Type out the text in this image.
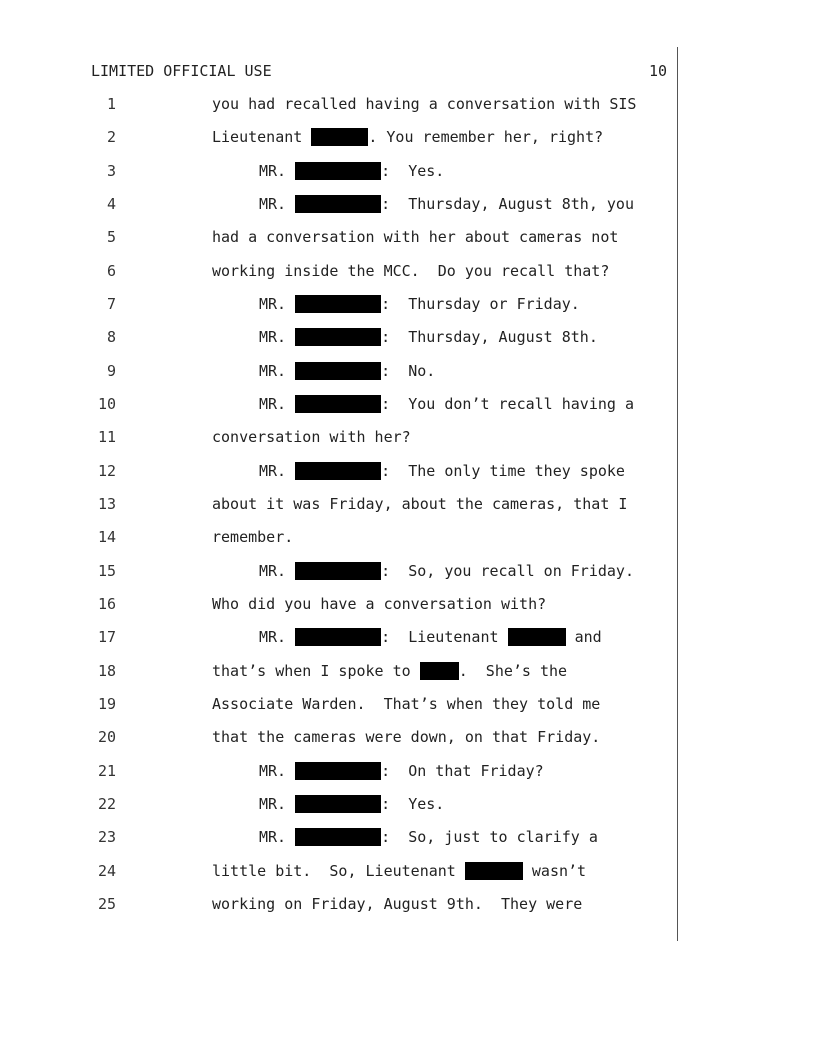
LIMITED OFFICIAL USE	10
1	you had recalled having a conversation with SIS
2	Lieutenant	. You remember her, right?
3	MR.	:  Yes.
4	MR.	:  Thursday, August 8th, you
5	had a conversation with her about cameras not
6	working inside the MCC.  Do you recall that?
7	MR.	:  Thursday or Friday.
8	MR.	:  Thursday, August 8th.
9	MR.	:  No.
10	MR.	:  You don’t recall having a
11	conversation with her?
12	MR.	:  The only time they spoke
13	about it was Friday, about the cameras, that I
14	remember.
15	MR.	:  So, you recall on Friday.
16	Who did you have a conversation with?
17	MR.	:  Lieutenant	and
18	that’s when I spoke to	.  She’s the
19	Associate Warden.  That’s when they told me
20	that the cameras were down, on that Friday.
21	MR.	:  On that Friday?
22	MR.	:  Yes.
23	MR.	:  So, just to clarify a
24	little bit.  So, Lieutenant	wasn’t
25	working on Friday, August 9th.  They were
